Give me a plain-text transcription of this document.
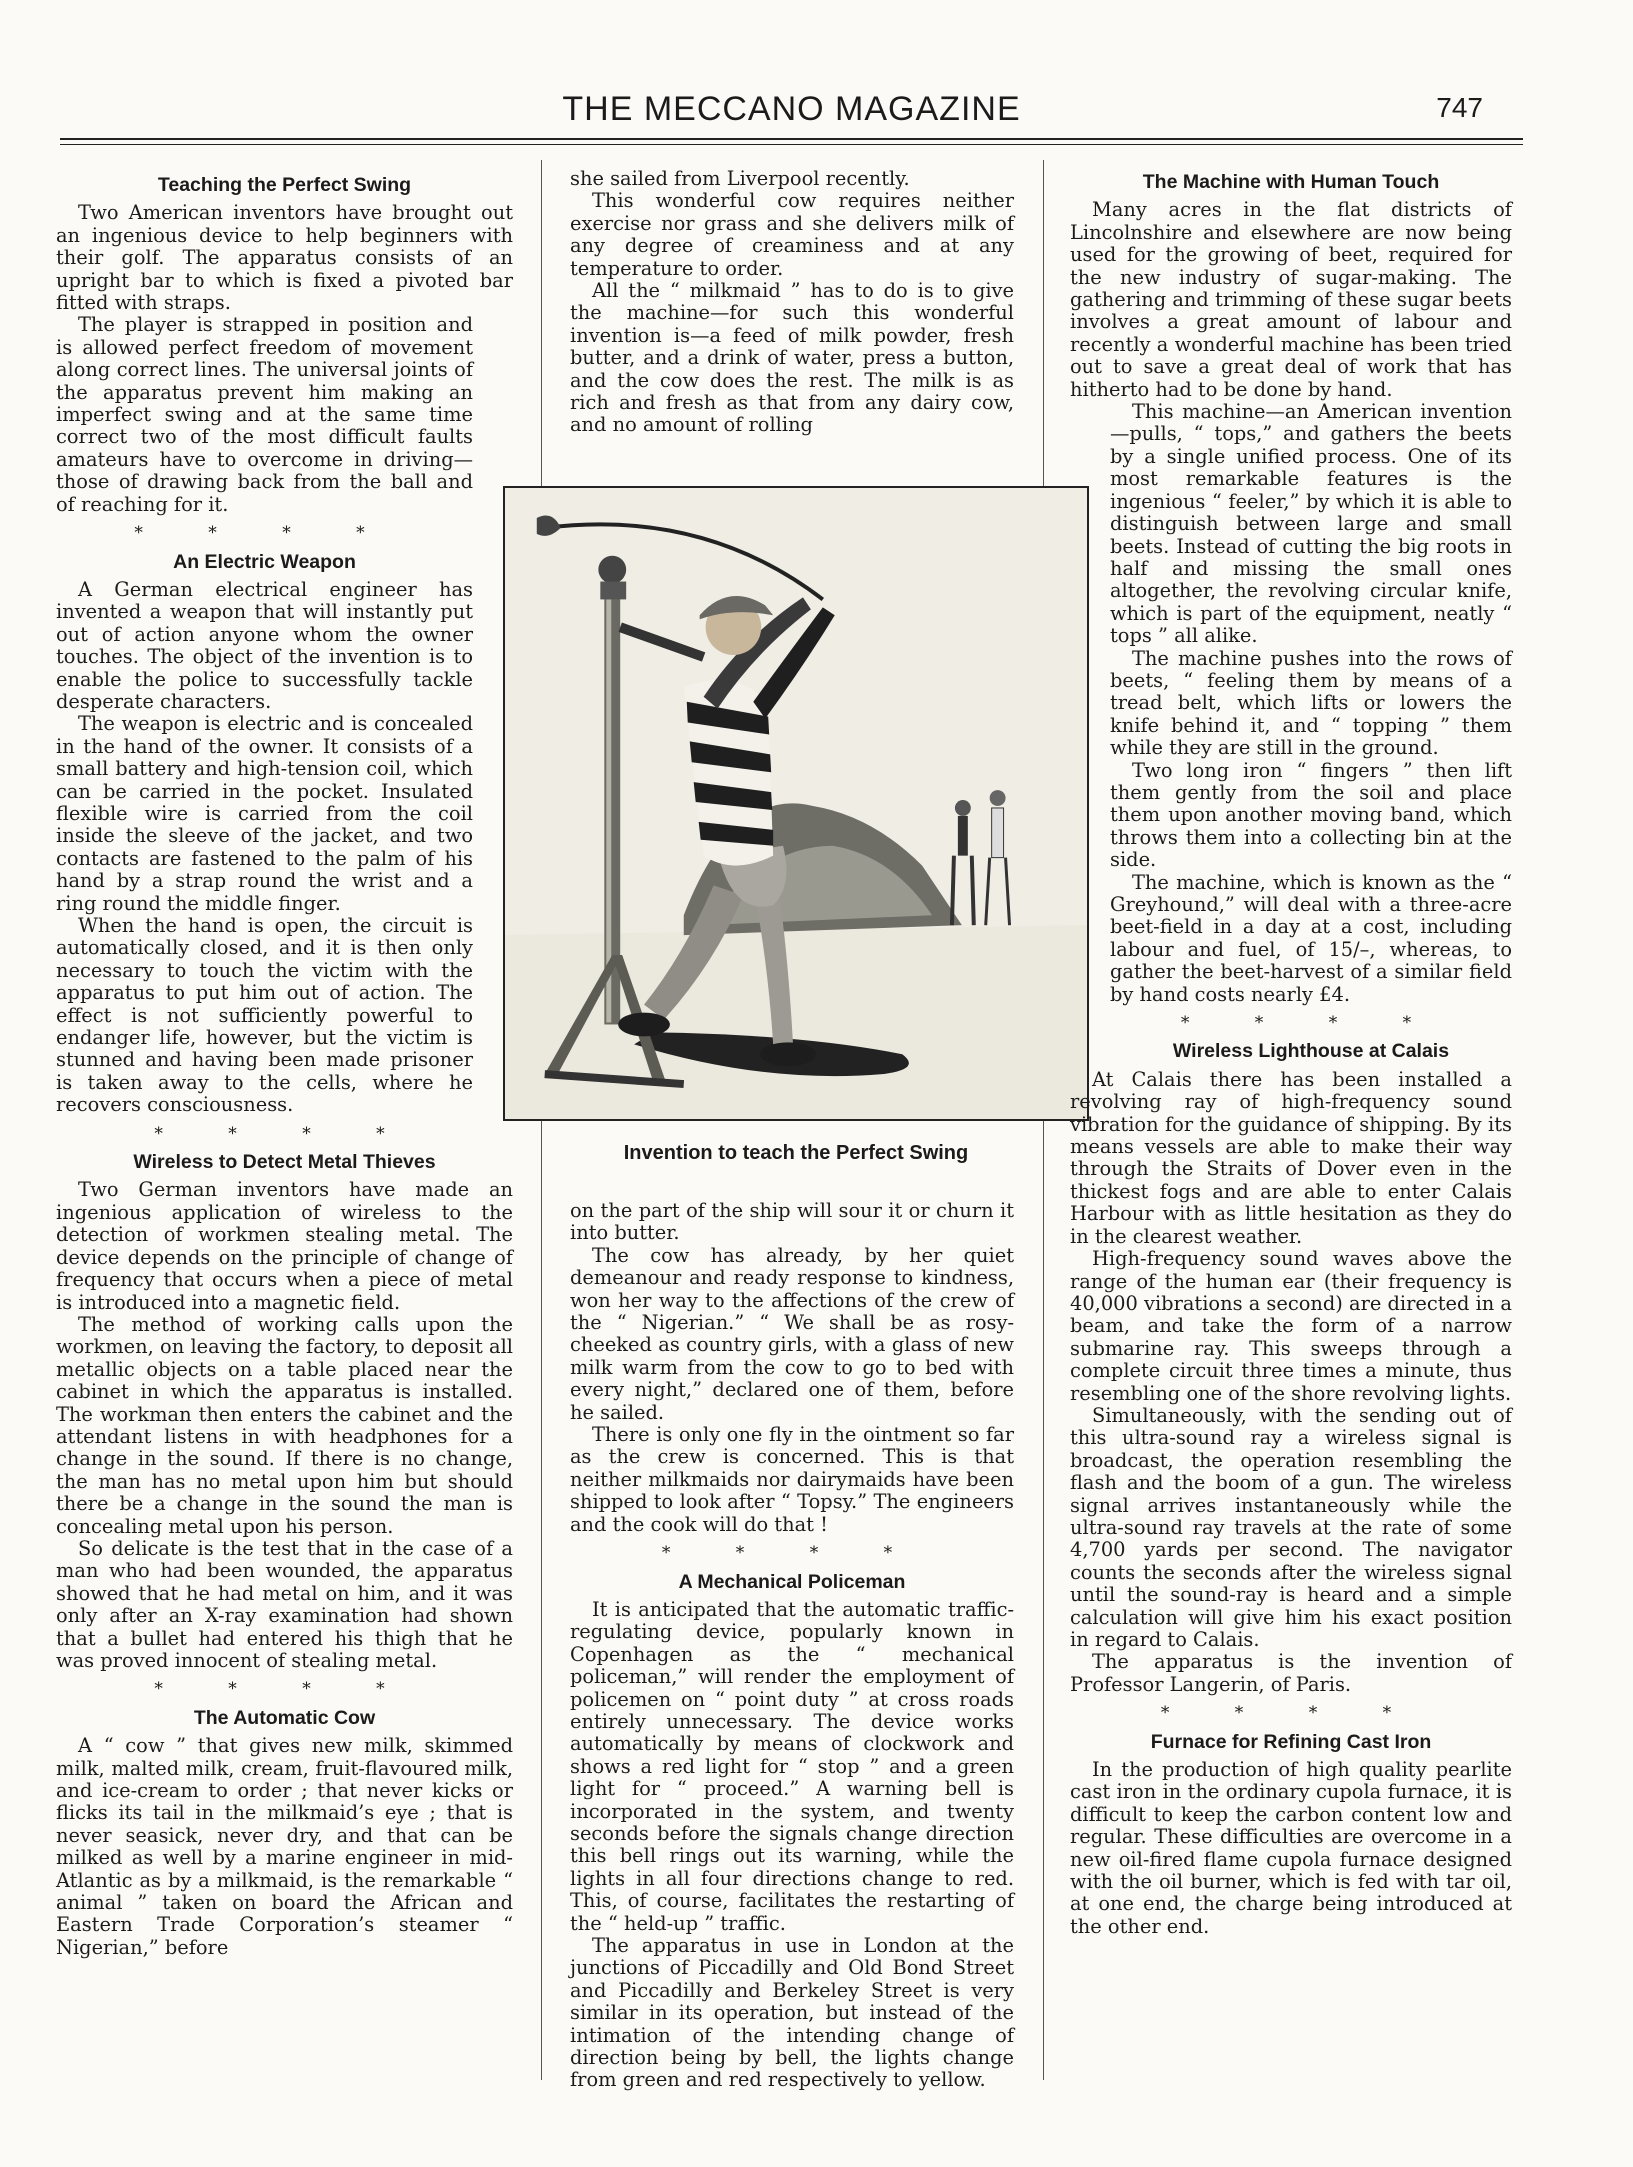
THE MECCANO MAGAZINE	747
Teaching the Perfect Swing

Two American inventors have brought out an ingenious device to help beginners with their golf. The apparatus consists of an upright bar to which is fixed a pivoted bar fitted with straps.

The player is strapped in position and is allowed perfect freedom of movement along correct lines. The universal joints of the apparatus prevent him making an imperfect swing and at the same time correct two of the most difficult faults amateurs have to overcome in driving—those of drawing back from the ball and of reaching for it.

* * * *
An Electric Weapon

A German electrical engineer has invented a weapon that will instantly put out of action anyone whom the owner touches. The object of the invention is to enable the police to successfully tackle desperate characters.

The weapon is electric and is concealed in the hand of the owner. It consists of a small battery and high-tension coil, which can be carried in the pocket. Insulated flexible wire is carried from the coil inside the sleeve of the jacket, and two contacts are fastened to the palm of his hand by a strap round the wrist and a ring round the middle finger.

When the hand is open, the circuit is automatically closed, and it is then only necessary to touch the victim with the apparatus to put him out of action. The effect is not sufficiently powerful to endanger life, however, but the victim is stunned and having been made prisoner is taken away to the cells, where he recovers consciousness.

* * * *
Wireless to Detect Metal Thieves

Two German inventors have made an ingenious application of wireless to the detection of workmen stealing metal. The device depends on the principle of change of frequency that occurs when a piece of metal is introduced into a magnetic field.

The method of working calls upon the workmen, on leaving the factory, to deposit all metallic objects on a table placed near the cabinet in which the apparatus is installed. The workman then enters the cabinet and the attendant listens in with headphones for a change in the sound. If there is no change, the man has no metal upon him but should there be a change in the sound the man is concealing metal upon his person.

So delicate is the test that in the case of a man who had been wounded, the apparatus showed that he had metal on him, and it was only after an X-ray examination had shown that a bullet had entered his thigh that he was proved innocent of stealing metal.

* * * *
The Automatic Cow

A “ cow ” that gives new milk, skimmed milk, malted milk, cream, fruit-flavoured milk, and ice-cream to order ; that never kicks or flicks its tail in the milkmaid’s eye ; that is never seasick, never dry, and that can be milked as well by a marine engineer in mid-Atlantic as by a milkmaid, is the remarkable “ animal ” taken on board the African and Eastern Trade Corporation’s steamer “ Nigerian,” before

she sailed from Liverpool recently.

This wonderful cow requires neither exercise nor grass and she delivers milk of any degree of creaminess and at any temperature to order.

All the “ milkmaid ” has to do is to give the machine—for such this wonderful invention is—a feed of milk powder, fresh butter, and a drink of water, press a button, and the cow does the rest. The milk is as rich and fresh as that from any dairy cow, and no amount of rolling

Invention to teach the Perfect Swing

on the part of the ship will sour it or churn it into butter.

The cow has already, by her quiet demeanour and ready response to kindness, won her way to the affections of the crew of the “ Nigerian.” “ We shall be as rosy-cheeked as country girls, with a glass of new milk warm from the cow to go to bed with every night,” declared one of them, before he sailed.

There is only one fly in the ointment so far as the crew is concerned. This is that neither milkmaids nor dairymaids have been shipped to look after “ Topsy.” The engineers and the cook will do that !

* * * *
A Mechanical Policeman

It is anticipated that the automatic traffic-regulating device, popularly known in Copenhagen as the “ mechanical policeman,” will render the employment of policemen on “ point duty ” at cross roads entirely unnecessary. The device works automatically by means of clockwork and shows a red light for “ stop ” and a green light for “ proceed.” A warning bell is incorporated in the system, and twenty seconds before the signals change direction this bell rings out its warning, while the lights in all four directions change to red. This, of course, facilitates the restarting of the “ held-up ” traffic.

The apparatus in use in London at the junctions of Piccadilly and Old Bond Street and Piccadilly and Berkeley Street is very similar in its operation, but instead of the intimation of the intending change of direction being by bell, the lights change from green and red respectively to yellow.

The Machine with Human Touch

Many acres in the flat districts of Lincolnshire and elsewhere are now being used for the growing of beet, required for the new industry of sugar-making. The gathering and trimming of these sugar beets involves a great amount of labour and recently a wonderful machine has been tried out to save a great deal of work that has hitherto had to be done by hand.

This machine—an American invention—pulls, “ tops,” and gathers the beets by a single unified process. One of its most remarkable features is the ingenious “ feeler,” by which it is able to distinguish between large and small beets. Instead of cutting the big roots in half and missing the small ones altogether, the revolving circular knife, which is part of the equipment, neatly “ tops ” all alike.

The machine pushes into the rows of beets, “ feeling them by means of a tread belt, which lifts or lowers the knife behind it, and “ topping ” them while they are still in the ground.

Two long iron “ fingers ” then lift them gently from the soil and place them upon another moving band, which throws them into a collecting bin at the side.

The machine, which is known as the “ Greyhound,” will deal with a three-acre beet-field in a day at a cost, including labour and fuel, of 15/–, whereas, to gather the beet-harvest of a similar field by hand costs nearly £4.

* * * *
Wireless Lighthouse at Calais

At Calais there has been installed a revolving ray of high-frequency sound vibration for the guidance of shipping. By its means vessels are able to make their way through the Straits of Dover even in the thickest fogs and are able to enter Calais Harbour with as little hesitation as they do in the clearest weather.

High-frequency sound waves above the range of the human ear (their frequency is 40,000 vibrations a second) are directed in a beam, and take the form of a narrow submarine ray. This sweeps through a complete circuit three times a minute, thus resembling one of the shore revolving lights.

Simultaneously, with the sending out of this ultra-sound ray a wireless signal is broadcast, the operation resembling the flash and the boom of a gun. The wireless signal arrives instantaneously while the ultra-sound ray travels at the rate of some 4,700 yards per second. The navigator counts the seconds after the wireless signal until the sound-ray is heard and a simple calculation will give him his exact position in regard to Calais.

The apparatus is the invention of Professor Langerin, of Paris.

* * * *
Furnace for Refining Cast Iron

In the production of high quality pearlite cast iron in the ordinary cupola furnace, it is difficult to keep the carbon content low and regular. These difficulties are overcome in a new oil-fired flame cupola furnace designed with the oil burner, which is fed with tar oil, at one end, the charge being introduced at the other end.
